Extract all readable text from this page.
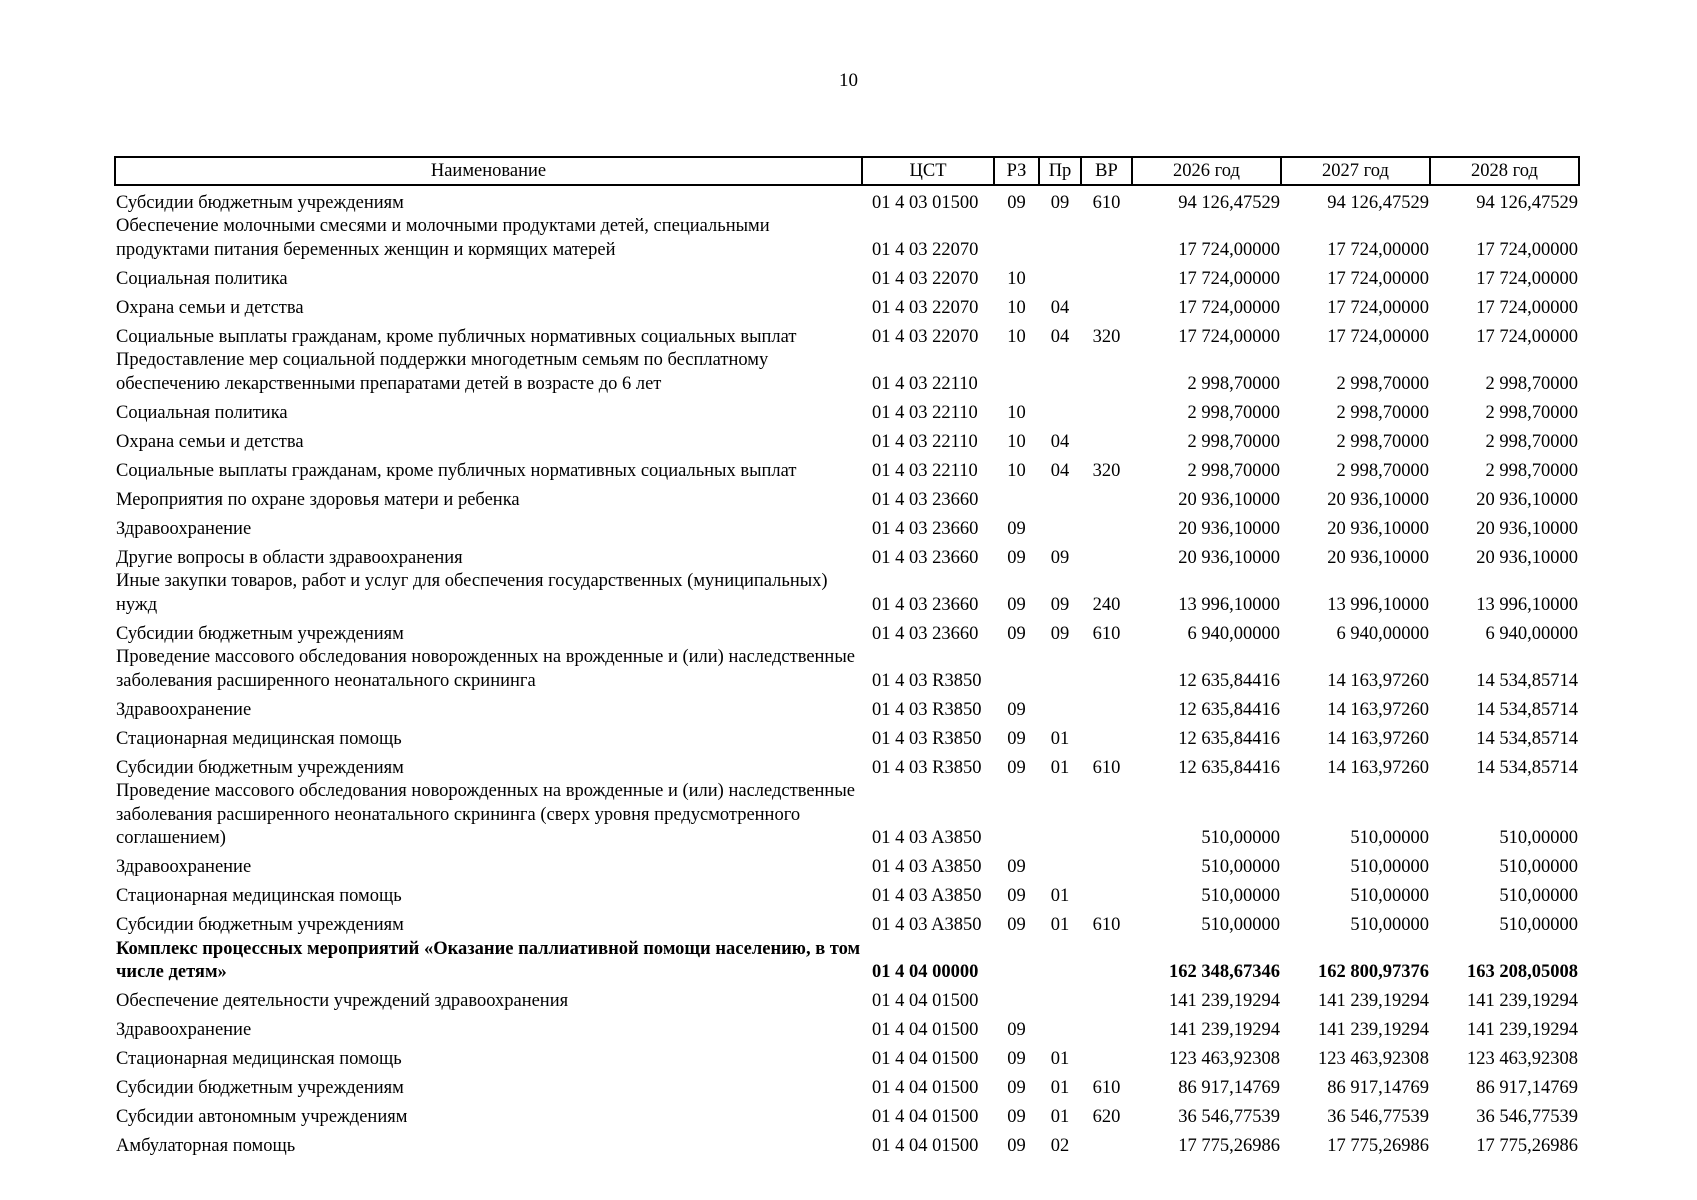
10
Наименование	ЦСТ	РЗ	Пр	ВР	2026 год	2027 год	2028 год
Субсидии бюджетным учреждениям	01 4 03 01500	09	09	610	94 126,47529	94 126,47529	94 126,47529
Обеспечение молочными смесями и молочными продуктами детей, специальными продуктами питания беременных женщин и кормящих матерей	01 4 03 22070				17 724,00000	17 724,00000	17 724,00000
Социальная политика	01 4 03 22070	10			17 724,00000	17 724,00000	17 724,00000
Охрана семьи и детства	01 4 03 22070	10	04		17 724,00000	17 724,00000	17 724,00000
Социальные выплаты гражданам, кроме публичных нормативных социальных выплат	01 4 03 22070	10	04	320	17 724,00000	17 724,00000	17 724,00000
Предоставление мер социальной поддержки многодетным семьям по бесплатному обеспечению лекарственными препаратами детей в возрасте до 6 лет	01 4 03 22110				2 998,70000	2 998,70000	2 998,70000
Социальная политика	01 4 03 22110	10			2 998,70000	2 998,70000	2 998,70000
Охрана семьи и детства	01 4 03 22110	10	04		2 998,70000	2 998,70000	2 998,70000
Социальные выплаты гражданам, кроме публичных нормативных социальных выплат	01 4 03 22110	10	04	320	2 998,70000	2 998,70000	2 998,70000
Мероприятия по охране здоровья матери и ребенка	01 4 03 23660				20 936,10000	20 936,10000	20 936,10000
Здравоохранение	01 4 03 23660	09			20 936,10000	20 936,10000	20 936,10000
Другие вопросы в области здравоохранения	01 4 03 23660	09	09		20 936,10000	20 936,10000	20 936,10000
Иные закупки товаров, работ и услуг для обеспечения государственных (муниципальных) нужд	01 4 03 23660	09	09	240	13 996,10000	13 996,10000	13 996,10000
Субсидии бюджетным учреждениям	01 4 03 23660	09	09	610	6 940,00000	6 940,00000	6 940,00000
Проведение массового обследования новорожденных на врожденные и (или) наследственные заболевания расширенного неонатального скрининга	01 4 03 R3850				12 635,84416	14 163,97260	14 534,85714
Здравоохранение	01 4 03 R3850	09			12 635,84416	14 163,97260	14 534,85714
Стационарная медицинская помощь	01 4 03 R3850	09	01		12 635,84416	14 163,97260	14 534,85714
Субсидии бюджетным учреждениям	01 4 03 R3850	09	01	610	12 635,84416	14 163,97260	14 534,85714
Проведение массового обследования новорожденных на врожденные и (или) наследственные заболевания расширенного неонатального скрининга (сверх уровня предусмотренного соглашением)	01 4 03 A3850				510,00000	510,00000	510,00000
Здравоохранение	01 4 03 A3850	09			510,00000	510,00000	510,00000
Стационарная медицинская помощь	01 4 03 A3850	09	01		510,00000	510,00000	510,00000
Субсидии бюджетным учреждениям	01 4 03 A3850	09	01	610	510,00000	510,00000	510,00000
Комплекс процессных мероприятий «Оказание паллиативной помощи населению, в том числе детям»	01 4 04 00000				162 348,67346	162 800,97376	163 208,05008
Обеспечение деятельности учреждений здравоохранения	01 4 04 01500				141 239,19294	141 239,19294	141 239,19294
Здравоохранение	01 4 04 01500	09			141 239,19294	141 239,19294	141 239,19294
Стационарная медицинская помощь	01 4 04 01500	09	01		123 463,92308	123 463,92308	123 463,92308
Субсидии бюджетным учреждениям	01 4 04 01500	09	01	610	86 917,14769	86 917,14769	86 917,14769
Субсидии автономным учреждениям	01 4 04 01500	09	01	620	36 546,77539	36 546,77539	36 546,77539
Амбулаторная помощь	01 4 04 01500	09	02		17 775,26986	17 775,26986	17 775,26986
